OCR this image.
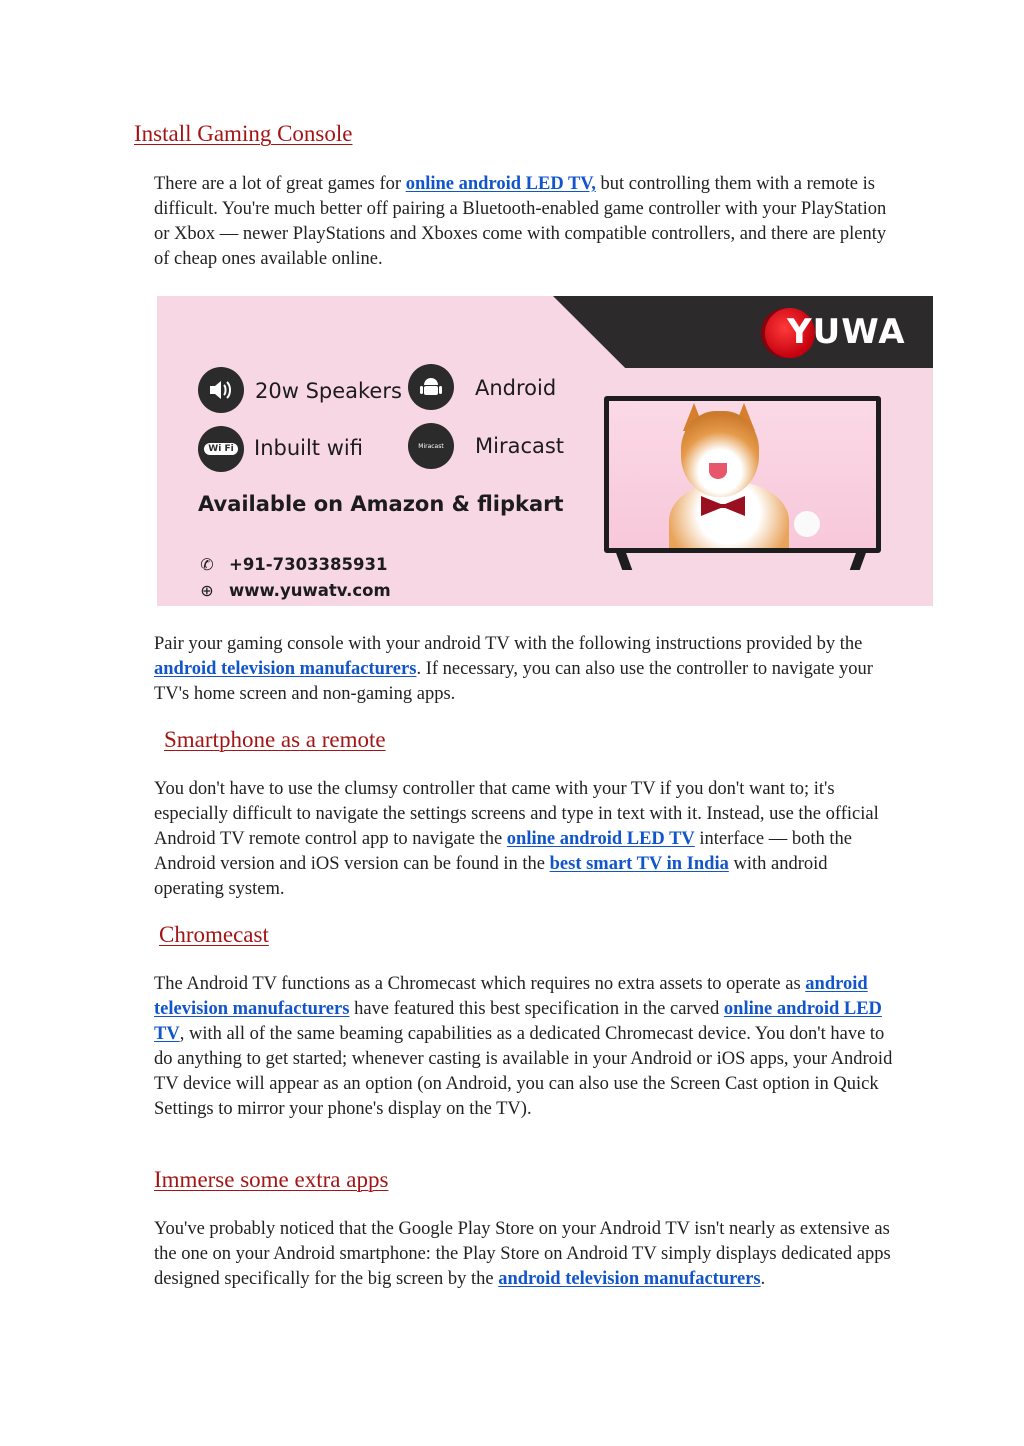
Install Gaming Console

There are a lot of great games for online android LED TV, but controlling them with a remote is difficult. You're much better off pairing a Bluetooth-enabled game controller with your PlayStation or Xbox — newer PlayStations and Xboxes come with compatible controllers, and there are plenty of cheap ones available online.

YUWA
20w Speakers	Android
Wi Fi Inbuilt wifi	Miracast Miracast
Available on Amazon & flipkart
✆ +91-7303385931
⊕ www.yuwatv.com

Pair your gaming console with your android TV with the following instructions provided by the android television manufacturers. If necessary, you can also use the controller to navigate your TV's home screen and non-gaming apps.

Smartphone as a remote

You don't have to use the clumsy controller that came with your TV if you don't want to; it's especially difficult to navigate the settings screens and type in text with it. Instead, use the official Android TV remote control app to navigate the online android LED TV interface — both the Android version and iOS version can be found in the best smart TV in India with android operating system.

Chromecast

The Android TV functions as a Chromecast which requires no extra assets to operate as android television manufacturers have featured this best specification in the carved online android LED TV, with all of the same beaming capabilities as a dedicated Chromecast device. You don't have to do anything to get started; whenever casting is available in your Android or iOS apps, your Android TV device will appear as an option (on Android, you can also use the Screen Cast option in Quick Settings to mirror your phone's display on the TV).

Immerse some extra apps

You've probably noticed that the Google Play Store on your Android TV isn't nearly as extensive as the one on your Android smartphone: the Play Store on Android TV simply displays dedicated apps designed specifically for the big screen by the android television manufacturers.
